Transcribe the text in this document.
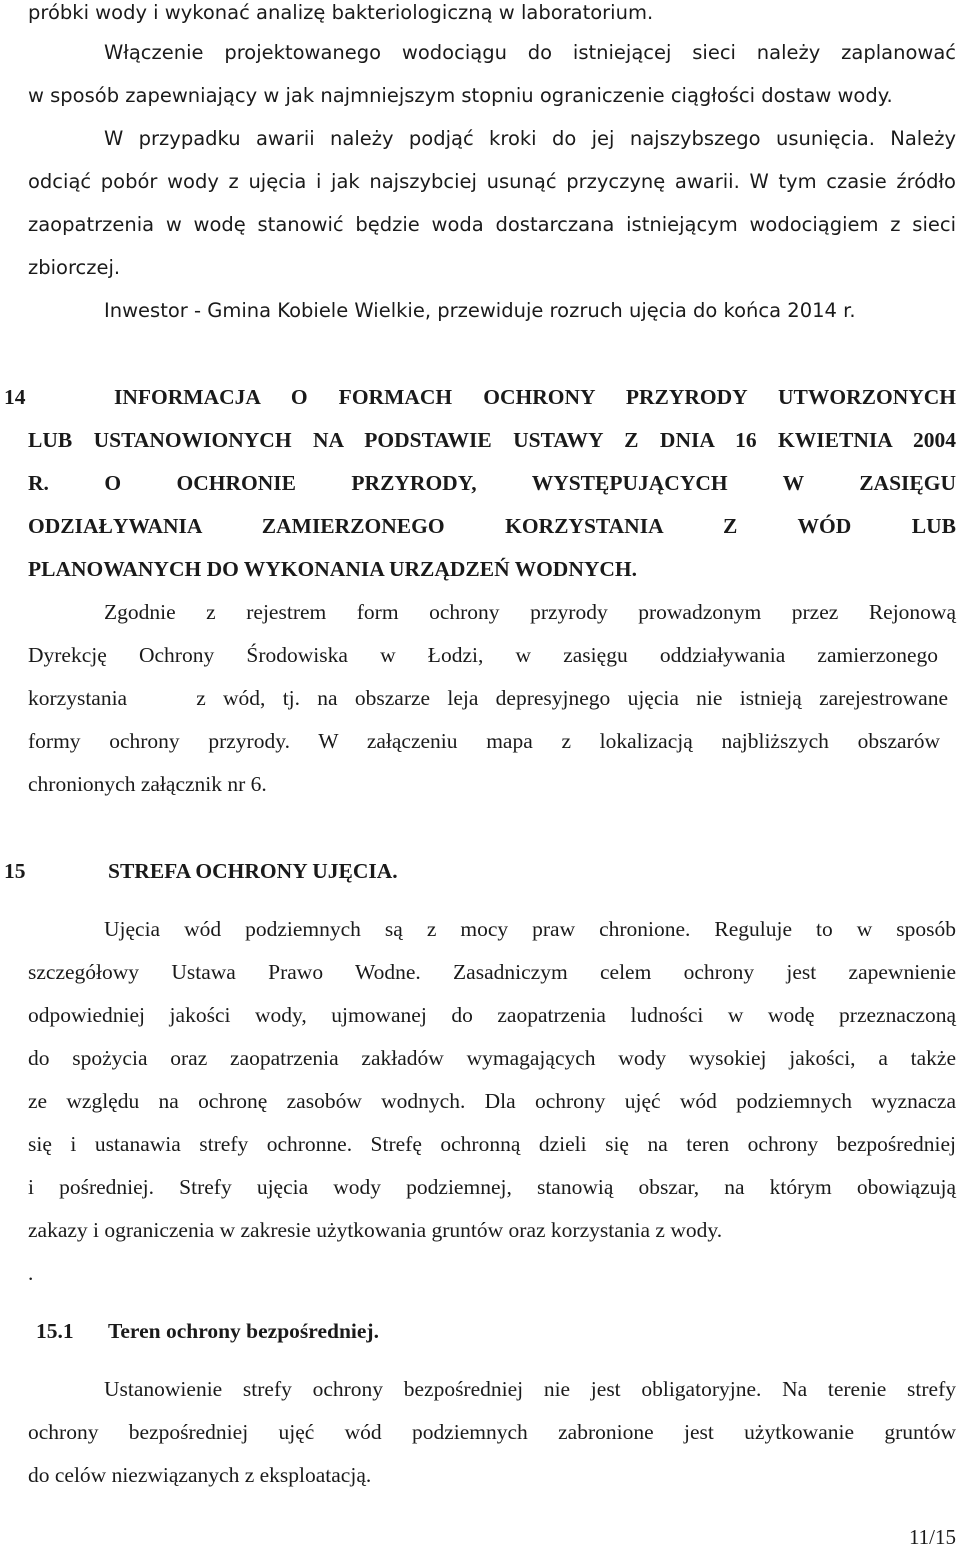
próbki wody i wykonać analizę bakteriologiczną w laboratorium.
Włączenie projektowanego wodociągu do istniejącej sieci należy zaplanować
w sposób zapewniający w jak najmniejszym stopniu ograniczenie ciągłości dostaw wody.
W przypadku awarii należy podjąć kroki do jej najszybszego usunięcia. Należy
odciąć pobór wody z ujęcia i jak najszybciej usunąć przyczynę awarii. W tym czasie źródło
zaopatrzenia w wodę stanowić będzie woda dostarczana istniejącym wodociągiem z sieci
zbiorczej.
Inwestor - Gmina Kobiele Wielkie, przewiduje rozruch ujęcia do końca 2014 r.
14	INFORMACJA O FORMACH OCHRONY PRZYRODY UTWORZONYCH
LUB USTANOWIONYCH NA PODSTAWIE USTAWY Z DNIA 16 KWIETNIA 2004
R. O OCHRONIE PRZYRODY, WYSTĘPUJĄCYCH W ZASIĘGU
ODZIAŁYWANIA ZAMIERZONEGO KORZYSTANIA Z WÓD LUB
PLANOWANYCH DO WYKONANIA URZĄDZEŃ WODNYCH.
Zgodnie z rejestrem form ochrony przyrody prowadzonym przez Rejonową
Dyrekcję Ochrony Środowiska w Łodzi, w zasięgu oddziaływania zamierzonego
korzystania    z wód, tj. na obszarze leja depresyjnego ujęcia nie istnieją zarejestrowane
formy ochrony przyrody. W załączeniu mapa z lokalizacją najbliższych obszarów
chronionych załącznik nr 6.
15	STREFA OCHRONY UJĘCIA.
Ujęcia wód podziemnych są z mocy praw chronione. Reguluje to w sposób
szczegółowy Ustawa Prawo Wodne. Zasadniczym celem ochrony jest zapewnienie
odpowiedniej jakości wody, ujmowanej do zaopatrzenia ludności w wodę przeznaczoną
do spożycia oraz zaopatrzenia zakładów wymagających wody wysokiej jakości, a także
ze względu na ochronę zasobów wodnych. Dla ochrony ujęć wód podziemnych wyznacza
się i ustanawia strefy ochronne. Strefę ochronną dzieli się na teren ochrony bezpośredniej
i pośredniej. Strefy ujęcia wody podziemnej, stanowią obszar, na którym obowiązują
zakazy i ograniczenia w zakresie użytkowania gruntów oraz korzystania z wody.
.
15.1 Teren ochrony bezpośredniej.
Ustanowienie strefy ochrony bezpośredniej nie jest obligatoryjne. Na terenie strefy
ochrony bezpośredniej ujęć wód podziemnych zabronione jest użytkowanie gruntów
do celów niezwiązanych z eksploatacją.
11/15
